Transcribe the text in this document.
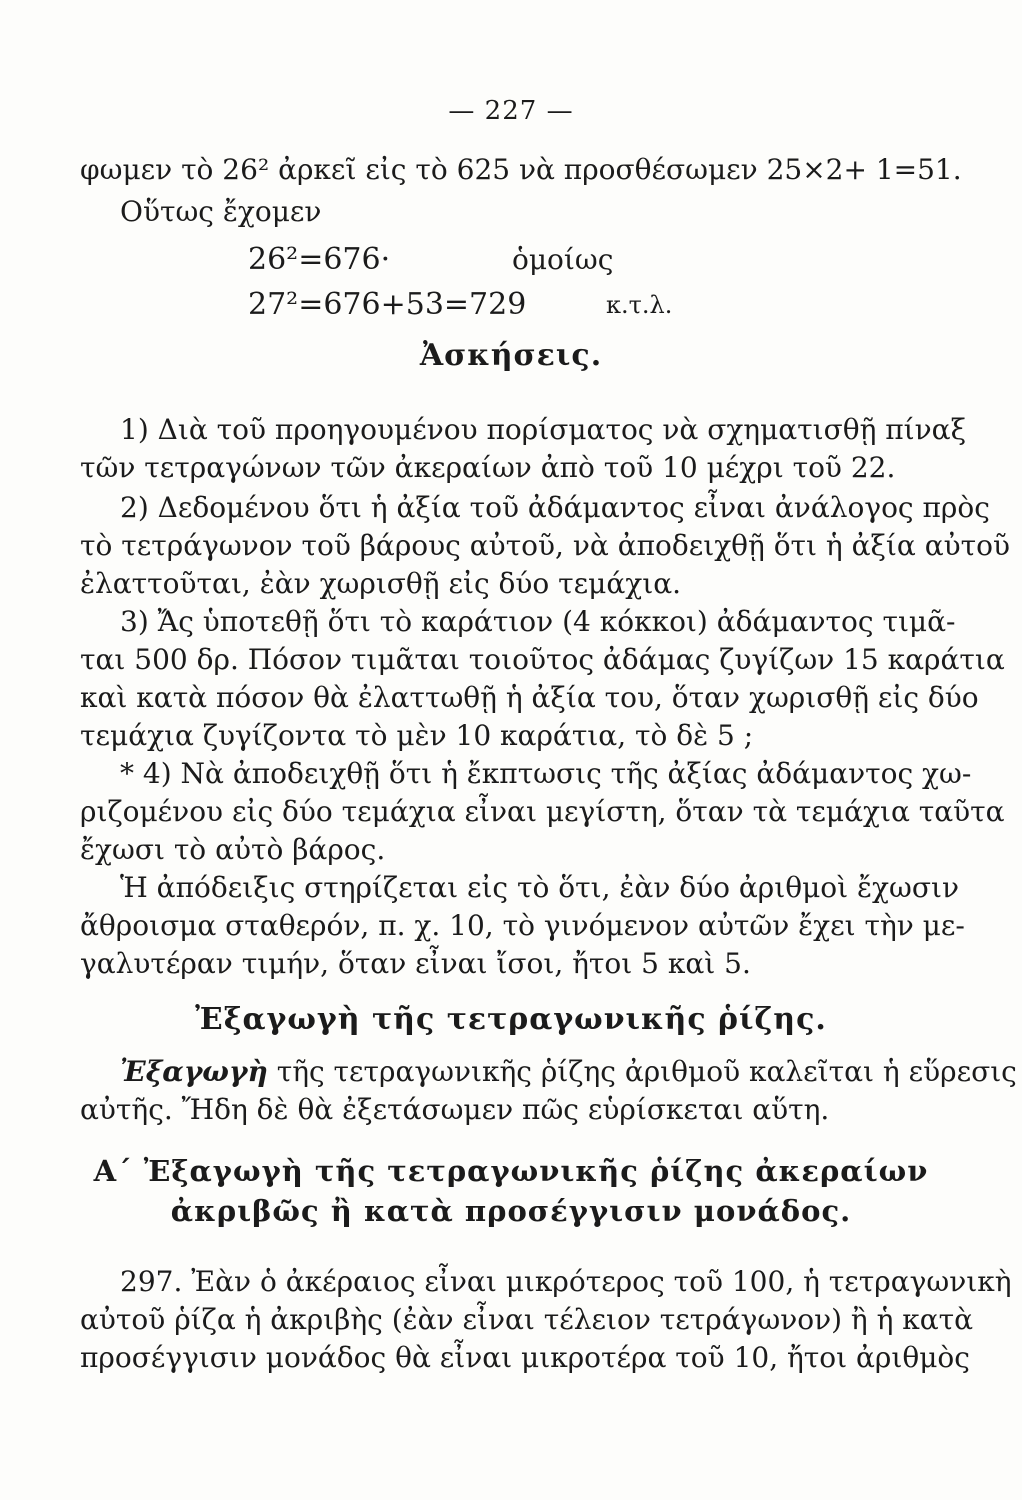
— 227 —
φωμεν τὸ 26² ἀρκεῖ εἰς τὸ 625 νὰ προσθέσωμεν 25×2+ 1=51.
Οὕτως ἔχομεν
26²=676·	ὁμοίως
27²=676+53=729	κ.τ.λ.
Ἀσκήσεις.
1) Διὰ τοῦ προηγουμένου πορίσματος νὰ σχηματισθῇ πίναξ
τῶν τετραγώνων τῶν ἀκεραίων ἀπὸ τοῦ 10 μέχρι τοῦ 22.
2) Δεδομένου ὅτι ἡ ἀξία τοῦ ἀδάμαντος εἶναι ἀνάλογος πρὸς
τὸ τετράγωνον τοῦ βάρους αὐτοῦ, νὰ ἀποδειχθῇ ὅτι ἡ ἀξία αὐτοῦ
ἐλαττοῦται, ἐὰν χωρισθῇ εἰς δύο τεμάχια.
3) Ἄς ὑποτεθῇ ὅτι τὸ καράτιον (4 κόκκοι) ἀδάμαντος τιμᾶ-
ται 500 δρ. Πόσον τιμᾶται τοιοῦτος ἀδάμας ζυγίζων 15 καράτια
καὶ κατὰ πόσον θὰ ἐλαττωθῇ ἡ ἀξία του, ὅταν χωρισθῇ εἰς δύο
τεμάχια ζυγίζοντα τὸ μὲν 10 καράτια, τὸ δὲ 5 ;
* 4) Νὰ ἀποδειχθῇ ὅτι ἡ ἔκπτωσις τῆς ἀξίας ἀδάμαντος χω-
ριζομένου εἰς δύο τεμάχια εἶναι μεγίστη, ὅταν τὰ τεμάχια ταῦτα
ἔχωσι τὸ αὐτὸ βάρος.
Ἡ ἀπόδειξις στηρίζεται εἰς τὸ ὅτι, ἐὰν δύο ἀριθμοὶ ἔχωσιν
ἄθροισμα σταθερόν, π. χ. 10, τὸ γινόμενον αὐτῶν ἔχει τὴν με-
γαλυτέραν τιμήν, ὅταν εἶναι ἴσοι, ἤτοι 5 καὶ 5.
Ἐξαγωγὴ τῆς τετραγωνικῆς ῥίζης.
Ἐξαγωγὴ τῆς τετραγωνικῆς ῥίζης ἀριθμοῦ καλεῖται ἡ εὕρεσις
αὐτῆς. Ἤδη δὲ θὰ ἐξετάσωμεν πῶς εὑρίσκεται αὕτη.
Α΄ Ἐξαγωγὴ τῆς τετραγωνικῆς ῥίζης ἀκεραίων
ἀκριβῶς ἢ κατὰ προσέγγισιν μονάδος.
297. Ἐὰν ὁ ἀκέραιος εἶναι μικρότερος τοῦ 100, ἡ τετραγωνικὴ
αὐτοῦ ῥίζα ἡ ἀκριβὴς (ἐὰν εἶναι τέλειον τετράγωνον) ἢ ἡ κατὰ
προσέγγισιν μονάδος θὰ εἶναι μικροτέρα τοῦ 10, ἤτοι ἀριθμὸς
